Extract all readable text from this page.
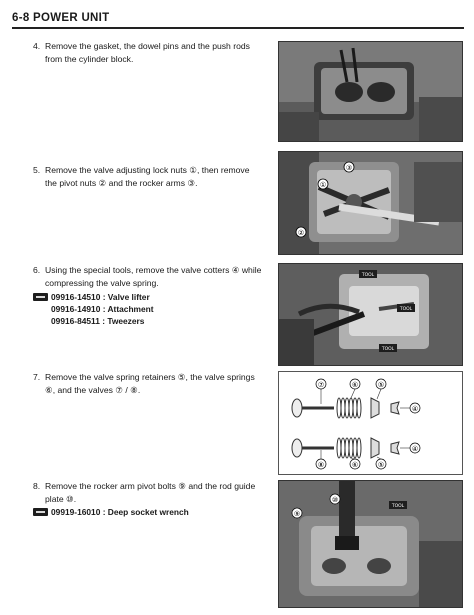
6-8 POWER UNIT
4. Remove the gasket, the dowel pins and the push rods from the cylinder block.
5. Remove the valve adjusting lock nuts ①, then remove the pivot nuts ② and the rocker arms ③.
③
①
②
6. Using the special tools, remove the valve cotters ④ while compressing the valve spring.
09916-14510 : Valve lifter
09916-14910 : Attachment
09916-84511 : Tweezers
TOOL
TOOL
TOOL
7. Remove the valve spring retainers ⑤, the valve springs ⑥, and the valves ⑦ / ⑧.	⑦	⑥	⑤
④
⑧	⑥	⑤
④
8. Remove the rocker arm pivot bolts ⑨ and the rod guide plate ⑩.
09919-16010 : Deep socket wrench
⑩
⑨
TOOL
